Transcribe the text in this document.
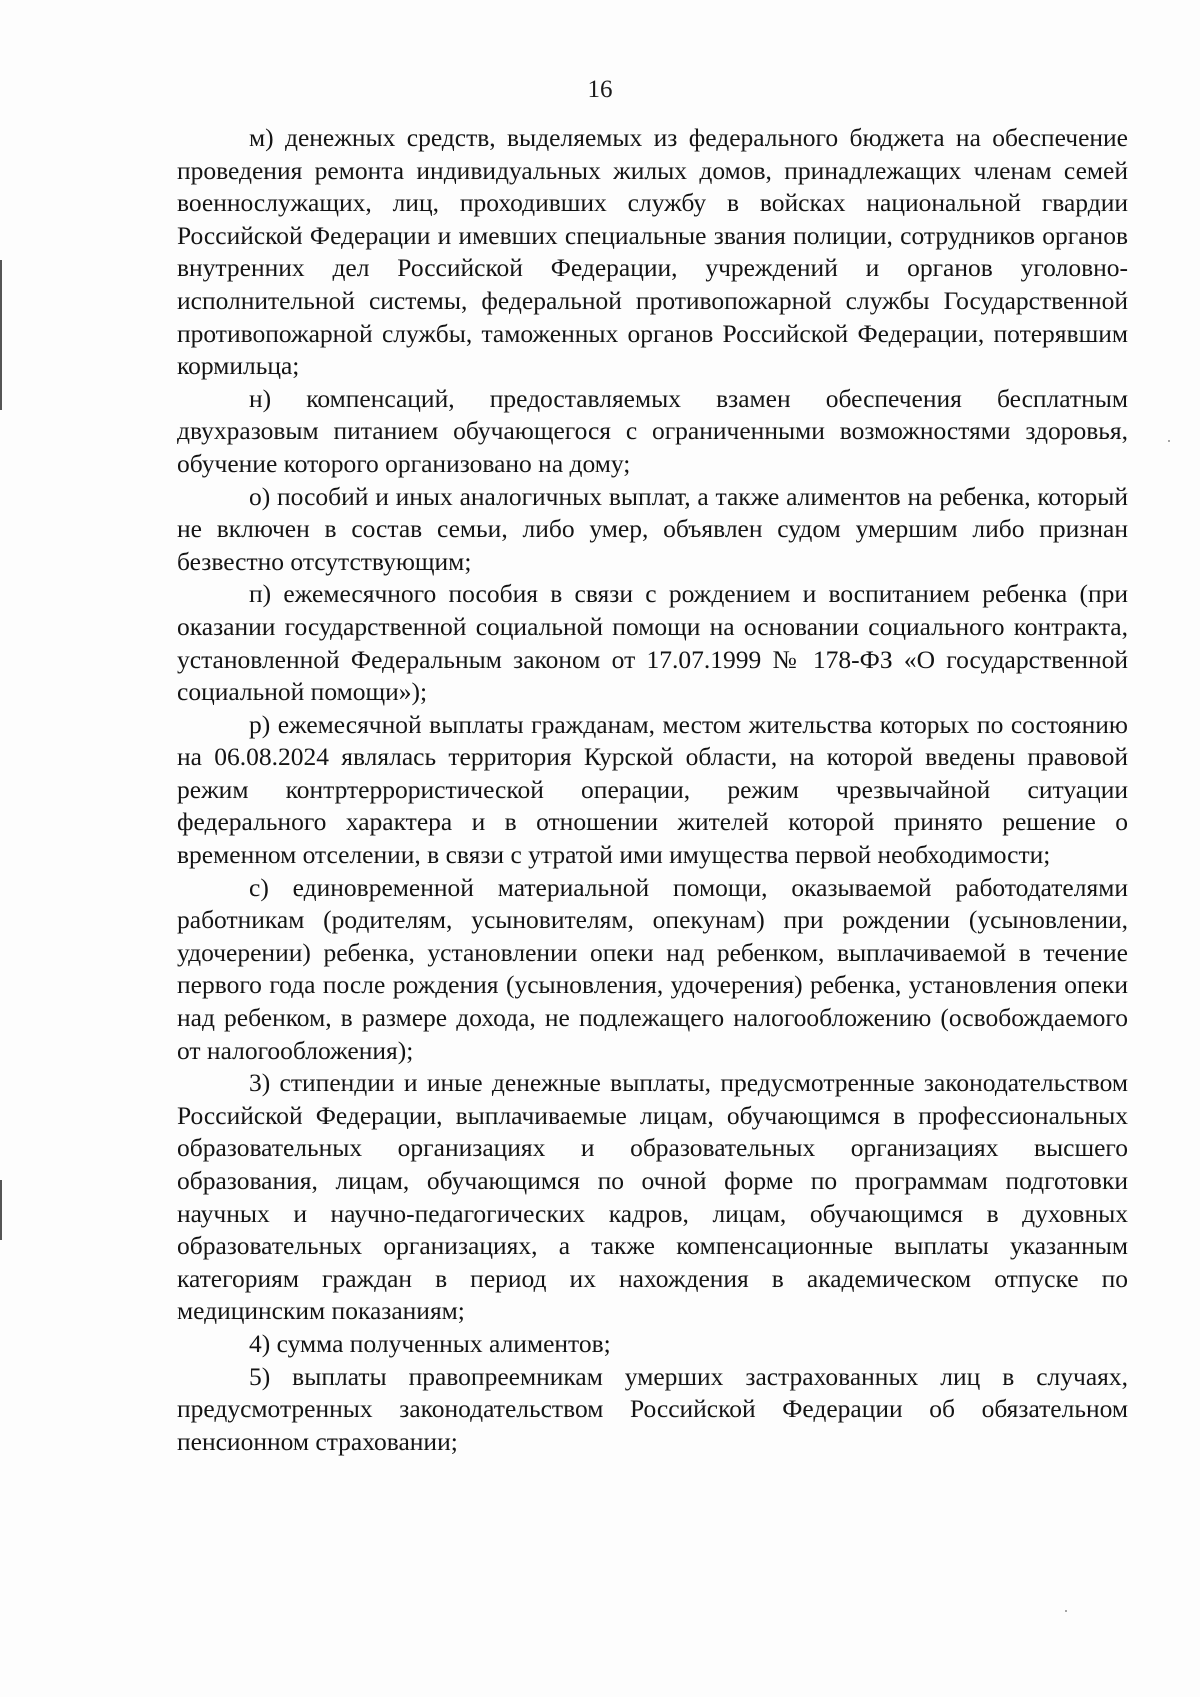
16

м) денежных средств, выделяемых из федерального бюджета на обеспечение проведения ремонта индивидуальных жилых домов, принадлежащих членам семей военнослужащих, лиц, проходивших службу в войсках национальной гвардии Российской Федерации и имевших специальные звания полиции, сотрудников органов внутренних дел Российской Федерации, учреждений и органов уголовно-исполнительной системы, федеральной противопожарной службы Государственной противопожарной службы, таможенных органов Российской Федерации, потерявшим кормильца;

н) компенсаций, предоставляемых взамен обеспечения бесплатным двухразовым питанием обучающегося с ограниченными возможностями здоровья, обучение которого организовано на дому;

о) пособий и иных аналогичных выплат, а также алиментов на ребенка, который не включен в состав семьи, либо умер, объявлен судом умершим либо признан безвестно отсутствующим;

п) ежемесячного пособия в связи с рождением и воспитанием ребенка (при оказании государственной социальной помощи на основании социального контракта, установленной Федеральным законом от 17.07.1999 № 178-ФЗ «О государственной социальной помощи»);

р) ежемесячной выплаты гражданам, местом жительства которых по состоянию на 06.08.2024 являлась территория Курской области, на которой введены правовой режим контртеррористической операции, режим чрезвычайной ситуации федерального характера и в отношении жителей которой принято решение о временном отселении, в связи с утратой ими имущества первой необходимости;

с) единовременной материальной помощи, оказываемой работодателями работникам (родителям, усыновителям, опекунам) при рождении (усыновлении, удочерении) ребенка, установлении опеки над ребенком, выплачиваемой в течение первого года после рождения (усыновления, удочерения) ребенка, установления опеки над ребенком, в размере дохода, не подлежащего налогообложению (освобождаемого от налогообложения);

3) стипендии и иные денежные выплаты, предусмотренные законодательством Российской Федерации, выплачиваемые лицам, обучающимся в профессиональных образовательных организациях и образовательных организациях высшего образования, лицам, обучающимся по очной форме по программам подготовки научных и научно-педагогических кадров, лицам, обучающимся в духовных образовательных организациях, а также компенсационные выплаты указанным категориям граждан в период их нахождения в академическом отпуске по медицинским показаниям;

4) сумма полученных алиментов;

5) выплаты правопреемникам умерших застрахованных лиц в случаях, предусмотренных законодательством Российской Федерации об обязательном пенсионном страховании;
